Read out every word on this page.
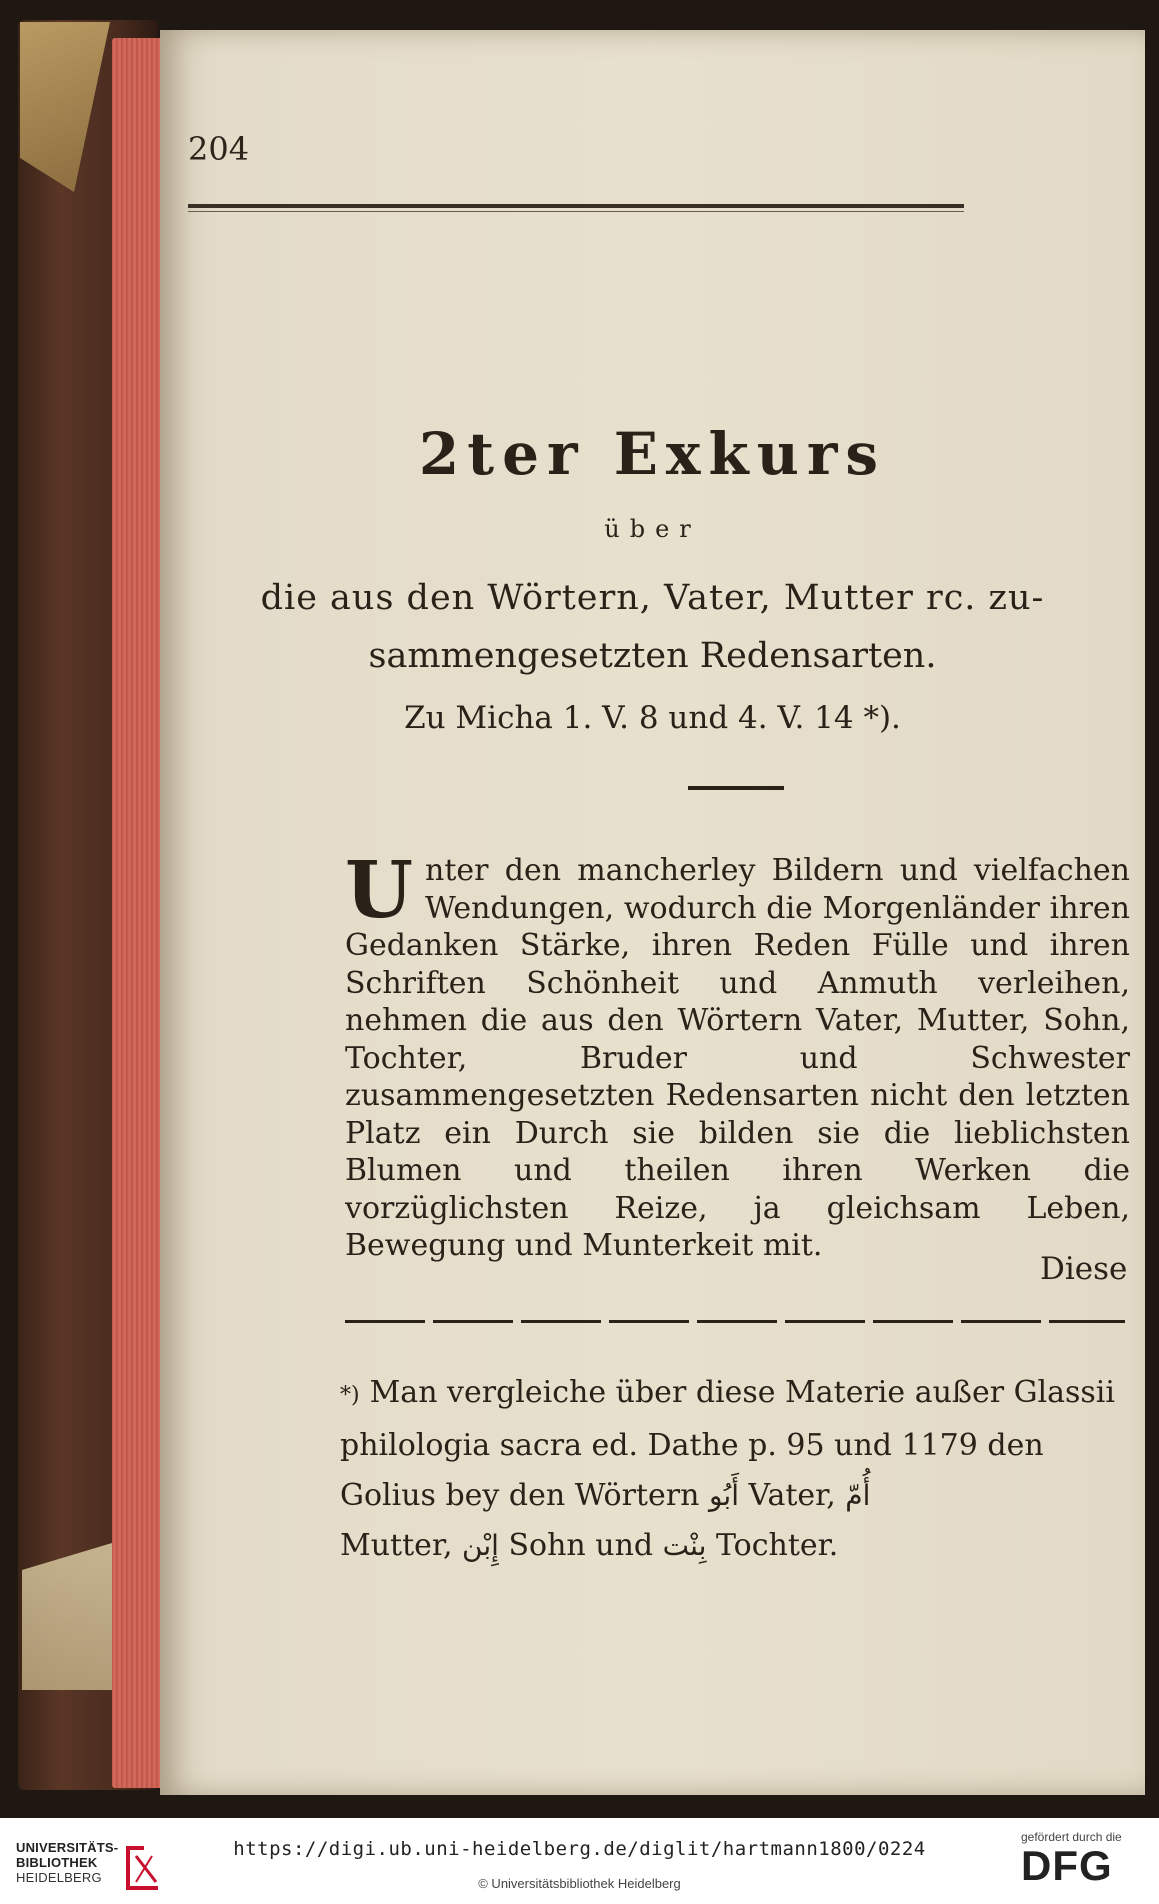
204
2ter Exkurs
über
die aus den Wörtern, Vater, Mutter rc. zu-
sammengesetzten Redensarten.
Zu Micha 1. V. 8 und 4. V. 14 *).
U nter den mancherley Bildern und vielfachen Wendungen, wodurch die Morgenländer ihren Gedanken Stärke, ihren Reden Fülle und ihren Schriften Schönheit und Anmuth verleihen, nehmen die aus den Wörtern Vater, Mutter, Sohn, Tochter, Bruder und Schwester zusammengesetzten Redensarten nicht den letzten Platz ein Durch sie bilden sie die lieblichsten Blumen und theilen ihren Werken die vorzüglichsten Reize, ja gleichsam Leben, Bewegung und Munterkeit mit.
Diese
*) Man vergleiche über diese Materie außer Glassii
philologia sacra ed. Dathe p. 95 und 1179 den
Golius bey den Wörtern أَبُو Vater, أُمّ
Mutter, إِبْن Sohn und بِنْت Tochter.
UNIVERSITÄTS-
BIBLIOTHEK
HEIDELBERG
https://digi.ub.uni-heidelberg.de/diglit/hartmann1800/0224
© Universitätsbibliothek Heidelberg
gefördert durch die
DFG
